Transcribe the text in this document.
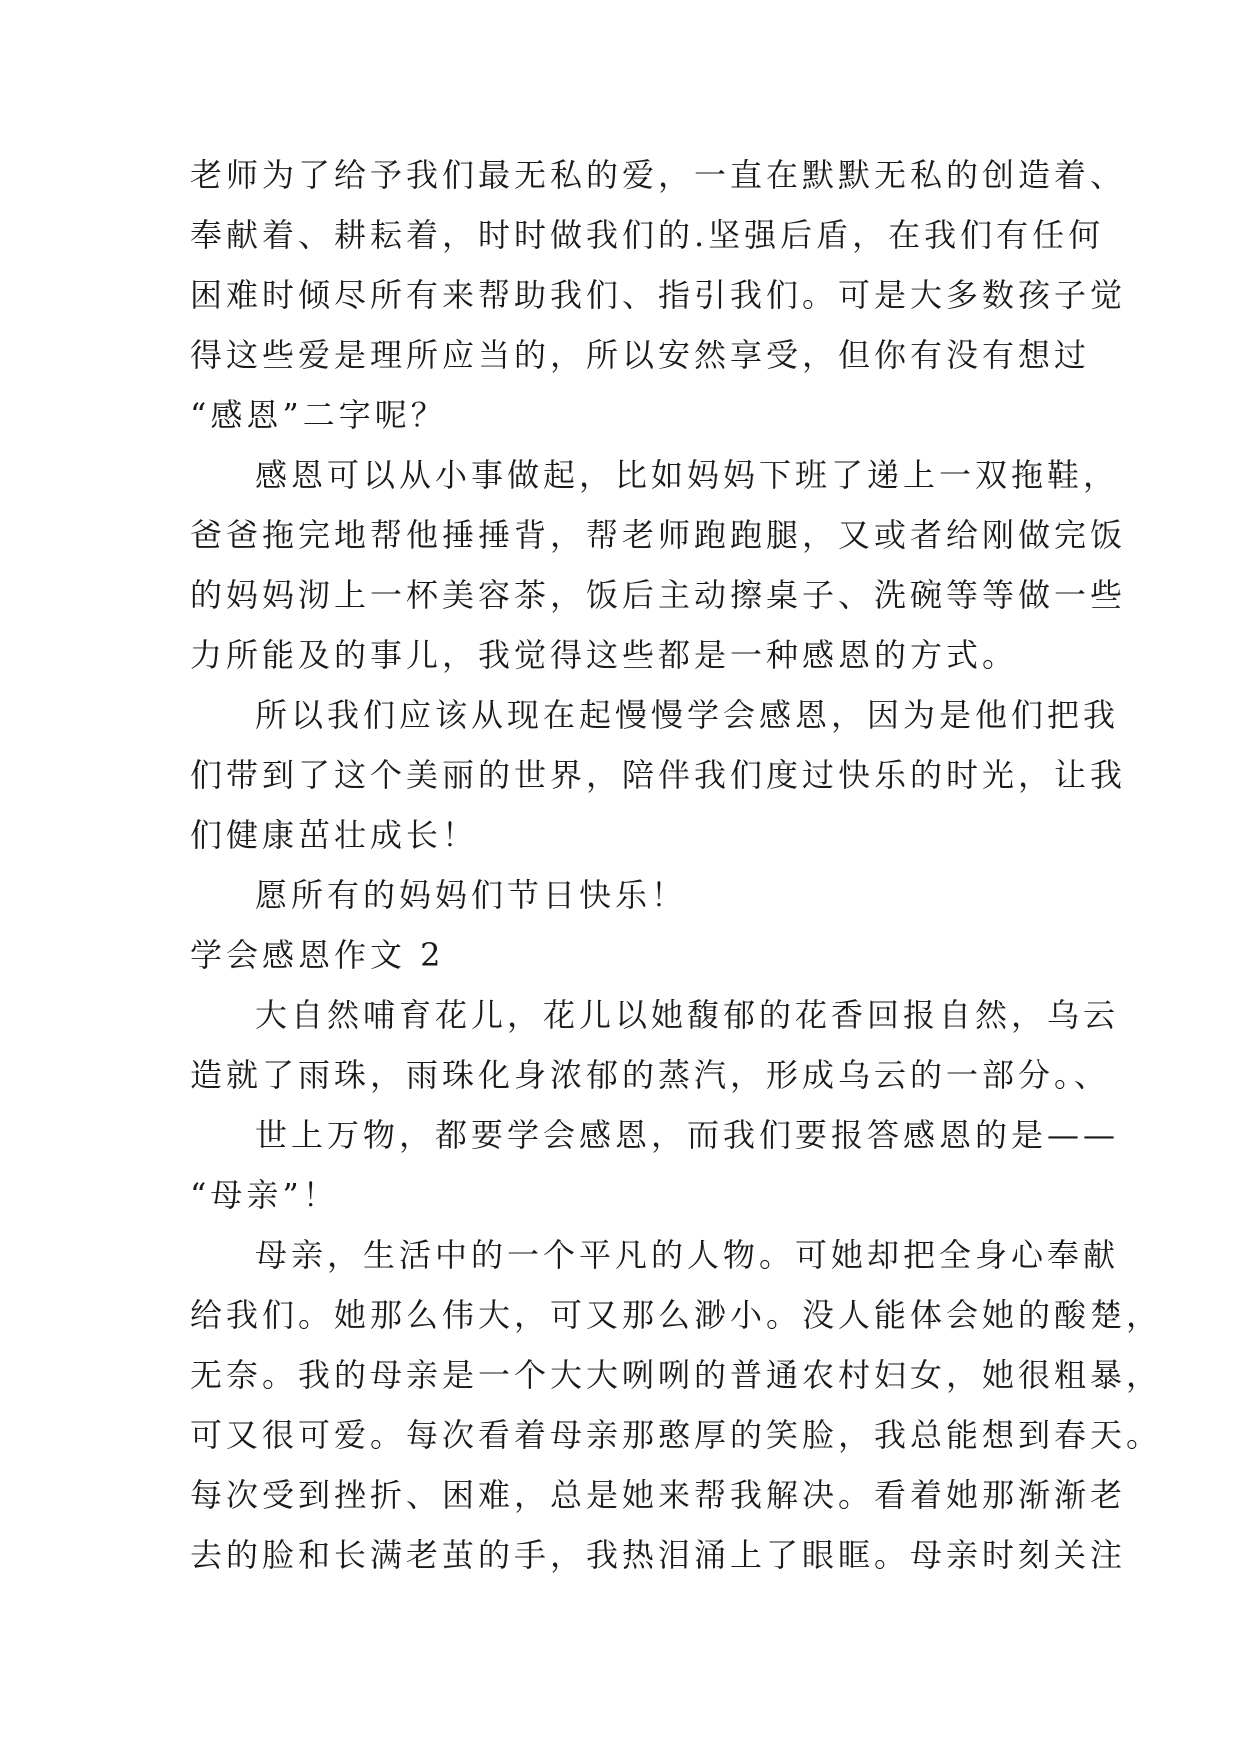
老师为了给予我们最无私的爱，一直在默默无私的创造着、
奉献着、耕耘着，时时做我们的.坚强后盾，在我们有任何
困难时倾尽所有来帮助我们、指引我们。可是大多数孩子觉
得这些爱是理所应当的，所以安然享受，但你有没有想过
“感恩”二字呢？
感恩可以从小事做起，比如妈妈下班了递上一双拖鞋，
爸爸拖完地帮他捶捶背，帮老师跑跑腿，又或者给刚做完饭
的妈妈沏上一杯美容茶，饭后主动擦桌子、洗碗等等做一些
力所能及的事儿，我觉得这些都是一种感恩的方式。
所以我们应该从现在起慢慢学会感恩，因为是他们把我
们带到了这个美丽的世界，陪伴我们度过快乐的时光，让我
们健康茁壮成长！
愿所有的妈妈们节日快乐！
学会感恩作文 2
大自然哺育花儿，花儿以她馥郁的花香回报自然，乌云
造就了雨珠，雨珠化身浓郁的蒸汽，形成乌云的一部分。、
世上万物，都要学会感恩，而我们要报答感恩的是——
“母亲”！
母亲，生活中的一个平凡的人物。可她却把全身心奉献
给我们。她那么伟大，可又那么渺小。没人能体会她的酸楚，
无奈。我的母亲是一个大大咧咧的普通农村妇女，她很粗暴，
可又很可爱。每次看着母亲那憨厚的笑脸，我总能想到春天。
每次受到挫折、困难，总是她来帮我解决。看着她那渐渐老
去的脸和长满老茧的手，我热泪涌上了眼眶。母亲时刻关注
